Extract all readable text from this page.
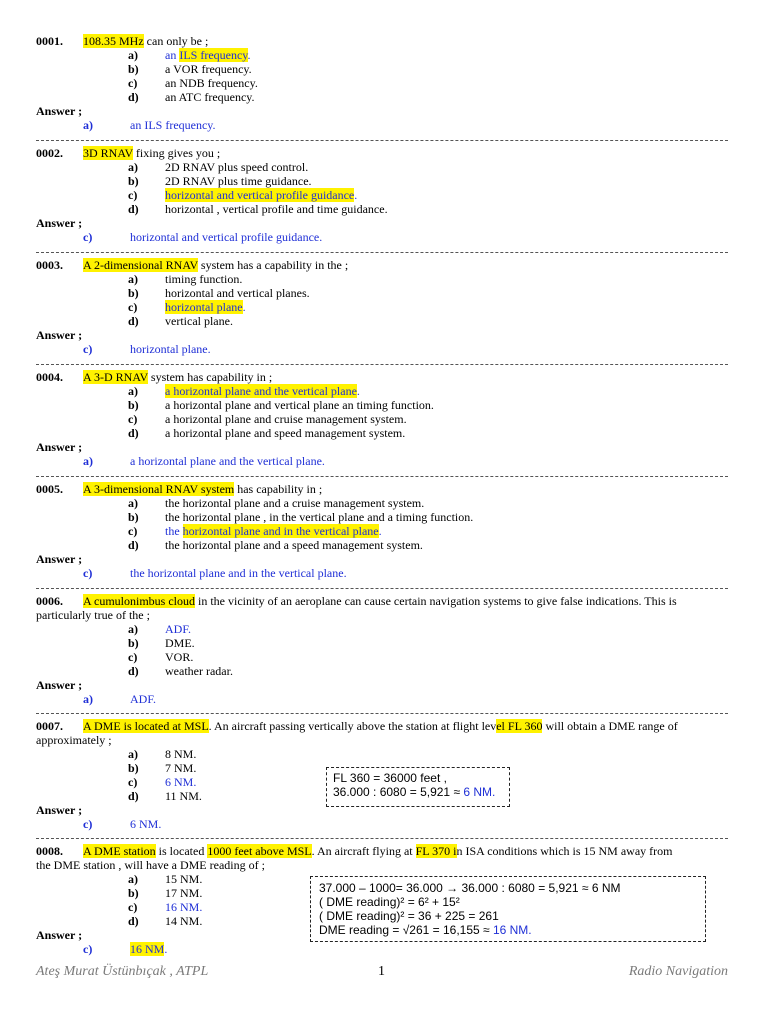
0001. 108.35 MHz can only be ;
a) an ILS frequency.
b) a VOR frequency.
c) an NDB frequency.
d) an ATC frequency.
Answer ;
a)	an ILS frequency.
0002. 3D RNAV fixing gives you ;
a) 2D RNAV plus speed control.
b) 2D RNAV plus time guidance.
c) horizontal and vertical profile guidance.
d) horizontal , vertical profile and time guidance.
Answer ;
c)	horizontal and vertical profile guidance.
0003. A 2-dimensional RNAV system has a capability in the ;
a) timing function.
b) horizontal and vertical planes.
c) horizontal plane.
d) vertical plane.
Answer ;
c)	horizontal plane.
0004. A 3-D RNAV system has capability in ;
a) a horizontal plane and the vertical plane.
b) a horizontal plane and vertical plane an timing function.
c) a horizontal plane and cruise management system.
d) a horizontal plane and speed management system.
Answer ;
a)	a horizontal plane and the vertical plane.
0005. A 3-dimensional RNAV system has capability in ;
a) the horizontal plane and a cruise management system.
b) the horizontal plane , in the vertical plane and a timing function.
c) the horizontal plane and in the vertical plane.
d) the horizontal plane and a speed management system.
Answer ;
c)	the horizontal plane and in the vertical plane.
0006. A cumulonimbus cloud in the vicinity of an aeroplane can cause certain navigation systems to give false indications. This is
particularly true of the ;
a) ADF.
b) DME.
c) VOR.
d) weather radar.
Answer ;
a)	ADF.
0007. A DME is located at MSL. An aircraft passing vertically above the station at flight level FL 360 will obtain a DME range of
approximately ;
a) 8 NM.
b) 7 NM.
c) 6 NM.
d) 11 NM.
FL 360 = 36000 feet ,
36.000 : 6080 = 5,921 ≈ 6 NM.
Answer ;
c)	6 NM.
0008. A DME station is located 1000 feet above MSL. An aircraft flying at FL 370 in ISA conditions which is 15 NM away from
the DME station , will have a DME reading of ;
a) 15 NM.
b) 17 NM.
c) 16 NM.
d) 14 NM.
37.000 – 1000= 36.000 → 36.000 : 6080 = 5,921 ≈ 6 NM
( DME reading)² = 6² + 15²
( DME reading)² = 36 + 225 = 261
DME reading = √261 = 16,155 ≈ 16 NM.
Answer ;
c)	16 NM.
Ateş Murat Üstünbıçak , ATPL	1	Radio Navigation
